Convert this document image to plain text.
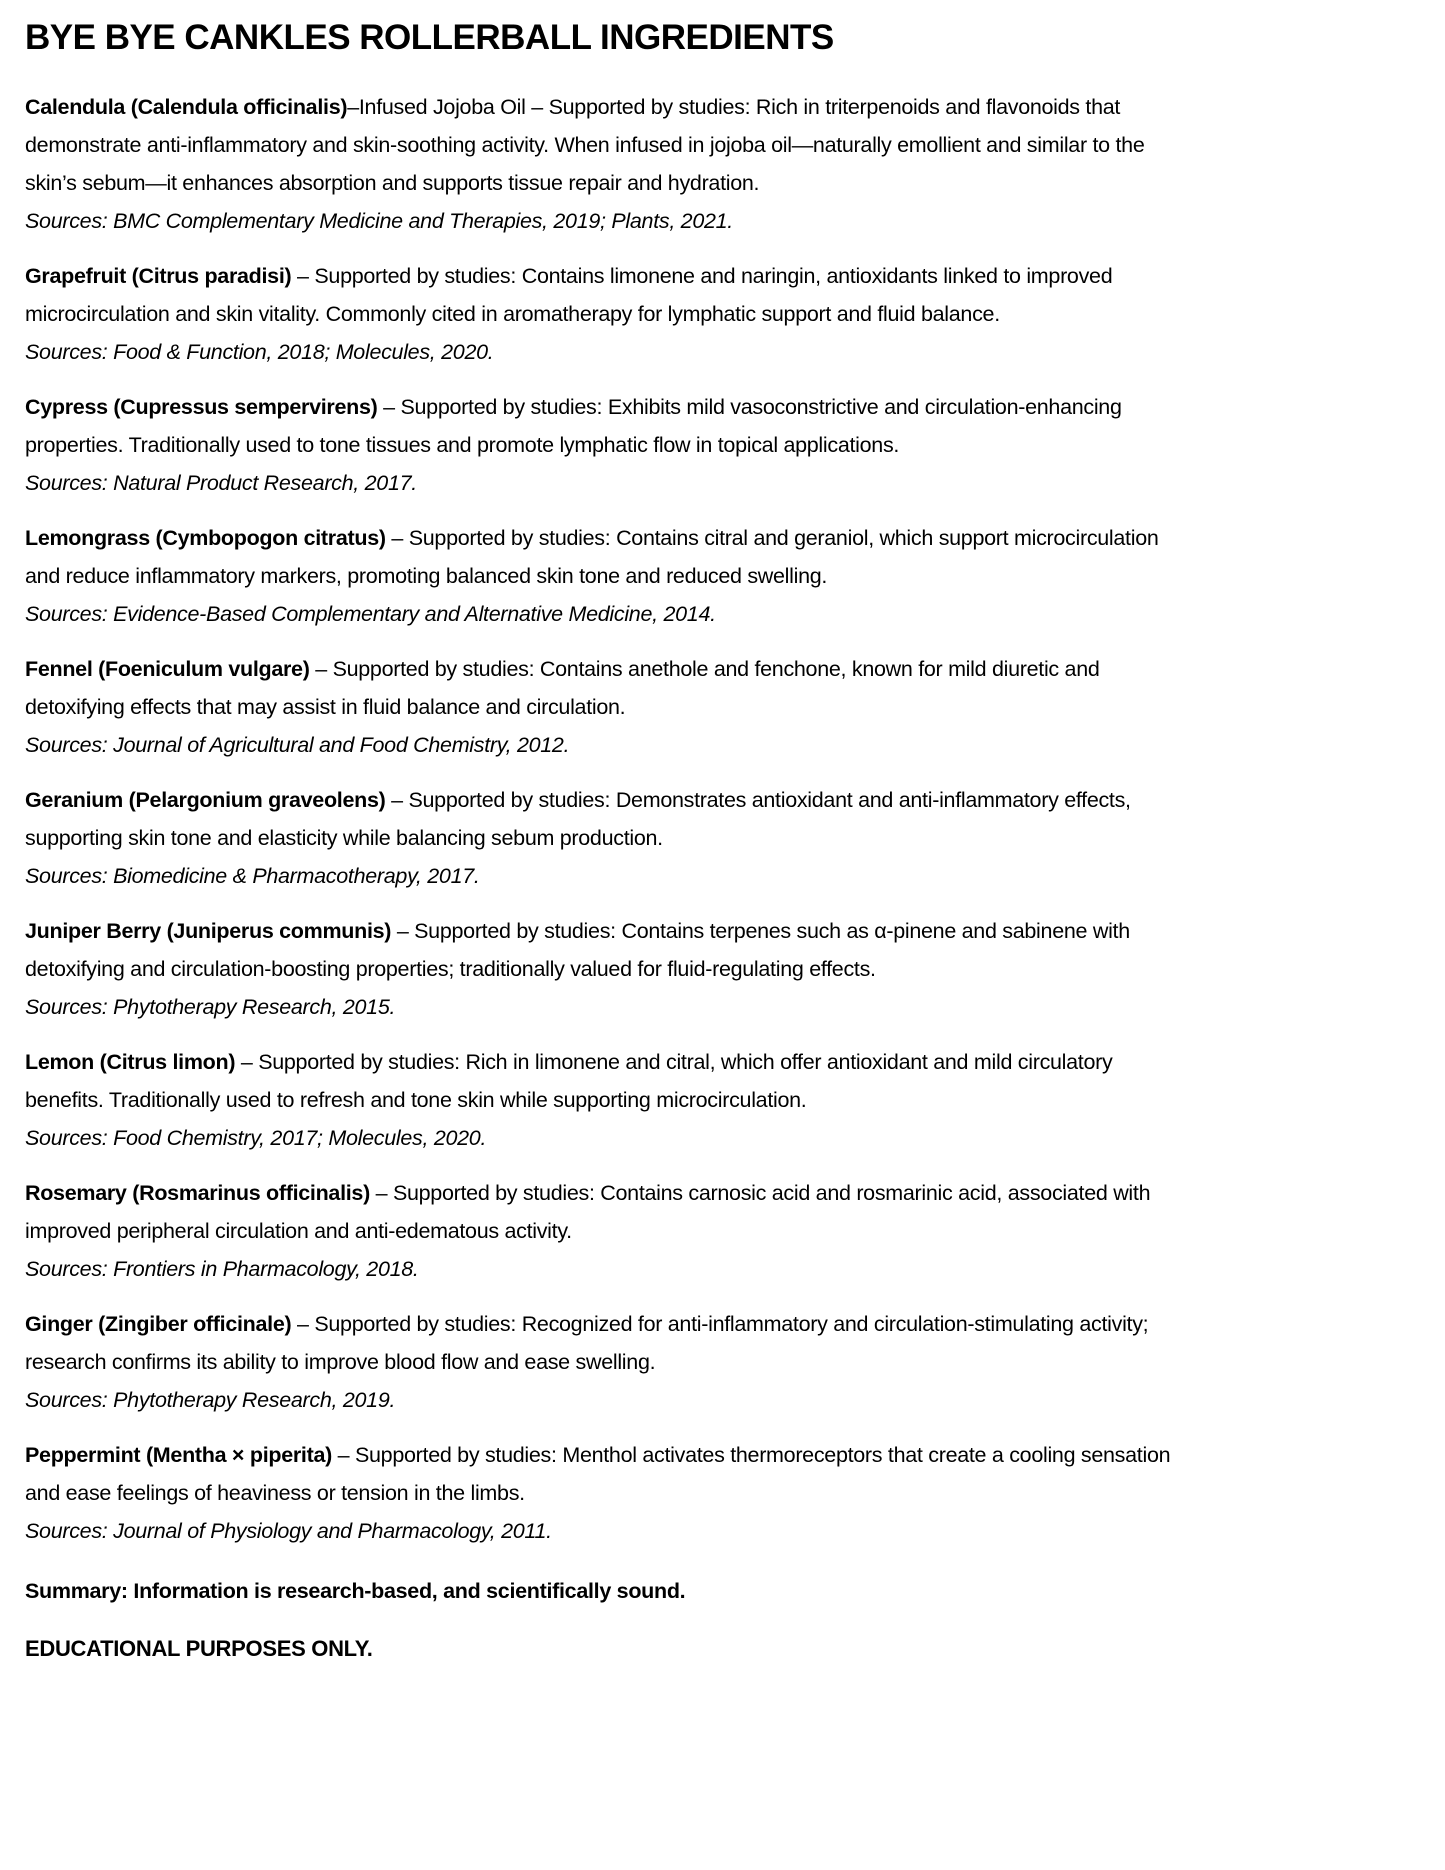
BYE BYE CANKLES ROLLERBALL INGREDIENTS

Calendula (Calendula officinalis)–Infused Jojoba Oil – Supported by studies: Rich in triterpenoids and flavonoids that demonstrate anti-inflammatory and skin-soothing activity. When infused in jojoba oil—naturally emollient and similar to the skin’s sebum—it enhances absorption and supports tissue repair and hydration.
Sources: BMC Complementary Medicine and Therapies, 2019; Plants, 2021.

Grapefruit (Citrus paradisi) – Supported by studies: Contains limonene and naringin, antioxidants linked to improved microcirculation and skin vitality. Commonly cited in aromatherapy for lymphatic support and fluid balance.
Sources: Food & Function, 2018; Molecules, 2020.

Cypress (Cupressus sempervirens) – Supported by studies: Exhibits mild vasoconstrictive and circulation-enhancing properties. Traditionally used to tone tissues and promote lymphatic flow in topical applications.
Sources: Natural Product Research, 2017.

Lemongrass (Cymbopogon citratus) – Supported by studies: Contains citral and geraniol, which support microcirculation and reduce inflammatory markers, promoting balanced skin tone and reduced swelling.
Sources: Evidence-Based Complementary and Alternative Medicine, 2014.

Fennel (Foeniculum vulgare) – Supported by studies: Contains anethole and fenchone, known for mild diuretic and detoxifying effects that may assist in fluid balance and circulation.
Sources: Journal of Agricultural and Food Chemistry, 2012.

Geranium (Pelargonium graveolens) – Supported by studies: Demonstrates antioxidant and anti-inflammatory effects, supporting skin tone and elasticity while balancing sebum production.
Sources: Biomedicine & Pharmacotherapy, 2017.

Juniper Berry (Juniperus communis) – Supported by studies: Contains terpenes such as α-pinene and sabinene with detoxifying and circulation-boosting properties; traditionally valued for fluid-regulating effects.
Sources: Phytotherapy Research, 2015.

Lemon (Citrus limon) – Supported by studies: Rich in limonene and citral, which offer antioxidant and mild circulatory benefits. Traditionally used to refresh and tone skin while supporting microcirculation.
Sources: Food Chemistry, 2017; Molecules, 2020.

Rosemary (Rosmarinus officinalis) – Supported by studies: Contains carnosic acid and rosmarinic acid, associated with improved peripheral circulation and anti-edematous activity.
Sources: Frontiers in Pharmacology, 2018.

Ginger (Zingiber officinale) – Supported by studies: Recognized for anti-inflammatory and circulation-stimulating activity; research confirms its ability to improve blood flow and ease swelling.
Sources: Phytotherapy Research, 2019.

Peppermint (Mentha × piperita) – Supported by studies: Menthol activates thermoreceptors that create a cooling sensation and ease feelings of heaviness or tension in the limbs.
Sources: Journal of Physiology and Pharmacology, 2011.

Summary: Information is research-based, and scientifically sound.

EDUCATIONAL PURPOSES ONLY.
